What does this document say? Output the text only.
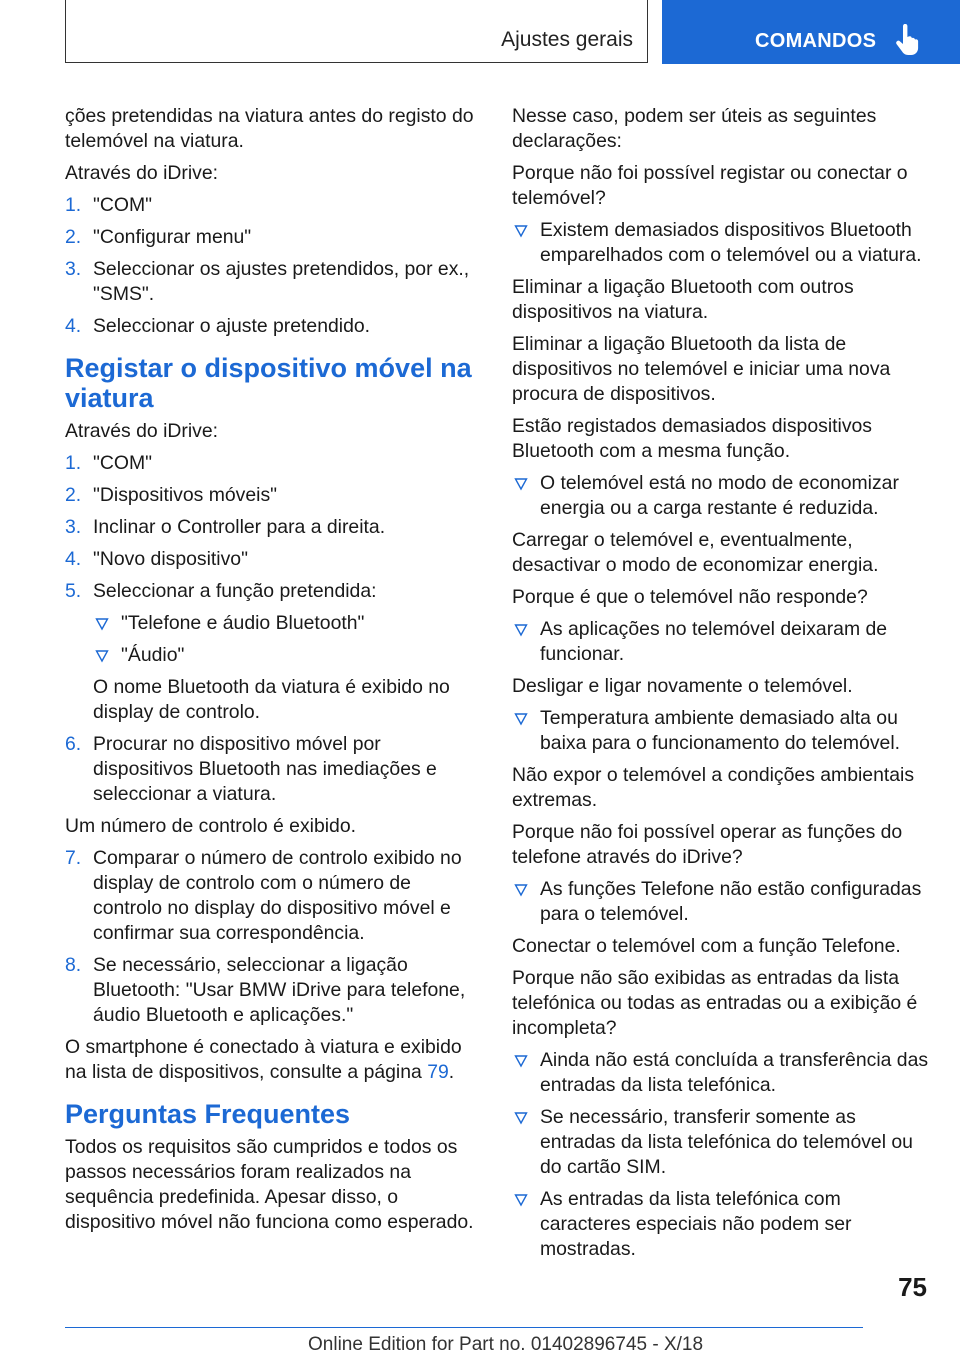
Ajustes gerais	COMANDOS

ções pretendidas na viatura antes do registo do telemóvel na viatura.

Através do iDrive:

1. "COM"
2. "Configurar menu"
3. Seleccionar os ajustes pretendidos, por ex., "SMS".
4. Seleccionar o ajuste pretendido.
Registar o dispositivo móvel na viatura

Através do iDrive:

1. "COM"
2. "Dispositivos móveis"
3. Inclinar o Controller para a direita.
4. "Novo dispositivo"
5. Seleccionar a função pretendida:
"Telefone e áudio Bluetooth"
"Áudio"

O nome Bluetooth da viatura é exibido no display de controlo.

6. Procurar no dispositivo móvel por dispositivos Bluetooth nas imediações e seleccionar a viatura.

Um número de controlo é exibido.

7. Comparar o número de controlo exibido no display de controlo com o número de controlo no display do dispositivo móvel e confirmar sua correspondência.
8. Se necessário, seleccionar a ligação Bluetooth: "Usar BMW iDrive para telefone, áudio Bluetooth e aplicações."

O smartphone é conectado à viatura e exibido na lista de dispositivos, consulte a página 79.

Perguntas Frequentes

Todos os requisitos são cumpridos e todos os passos necessários foram realizados na sequência predefinida. Apesar disso, o dispositivo móvel não funciona como esperado.

Nesse caso, podem ser úteis as seguintes declarações:

Porque não foi possível registar ou conectar o telemóvel?

Existem demasiados dispositivos Bluetooth emparelhados com o telemóvel ou a viatura.

Eliminar a ligação Bluetooth com outros dispositivos na viatura.

Eliminar a ligação Bluetooth da lista de dispositivos no telemóvel e iniciar uma nova procura de dispositivos.

Estão registados demasiados dispositivos Bluetooth com a mesma função.

O telemóvel está no modo de economizar energia ou a carga restante é reduzida.

Carregar o telemóvel e, eventualmente, desactivar o modo de economizar energia.

Porque é que o telemóvel não responde?

As aplicações no telemóvel deixaram de funcionar.

Desligar e ligar novamente o telemóvel.

Temperatura ambiente demasiado alta ou baixa para o funcionamento do telemóvel.

Não expor o telemóvel a condições ambientais extremas.

Porque não foi possível operar as funções do telefone através do iDrive?

As funções Telefone não estão configuradas para o telemóvel.

Conectar o telemóvel com a função Telefone.

Porque não são exibidas as entradas da lista telefónica ou todas as entradas ou a exibição é incompleta?

Ainda não está concluída a transferência das entradas da lista telefónica.
Se necessário, transferir somente as entradas da lista telefónica do telemóvel ou do cartão SIM.
As entradas da lista telefónica com caracteres especiais não podem ser mostradas.
75
Online Edition for Part no. 01402896745 - X/18
